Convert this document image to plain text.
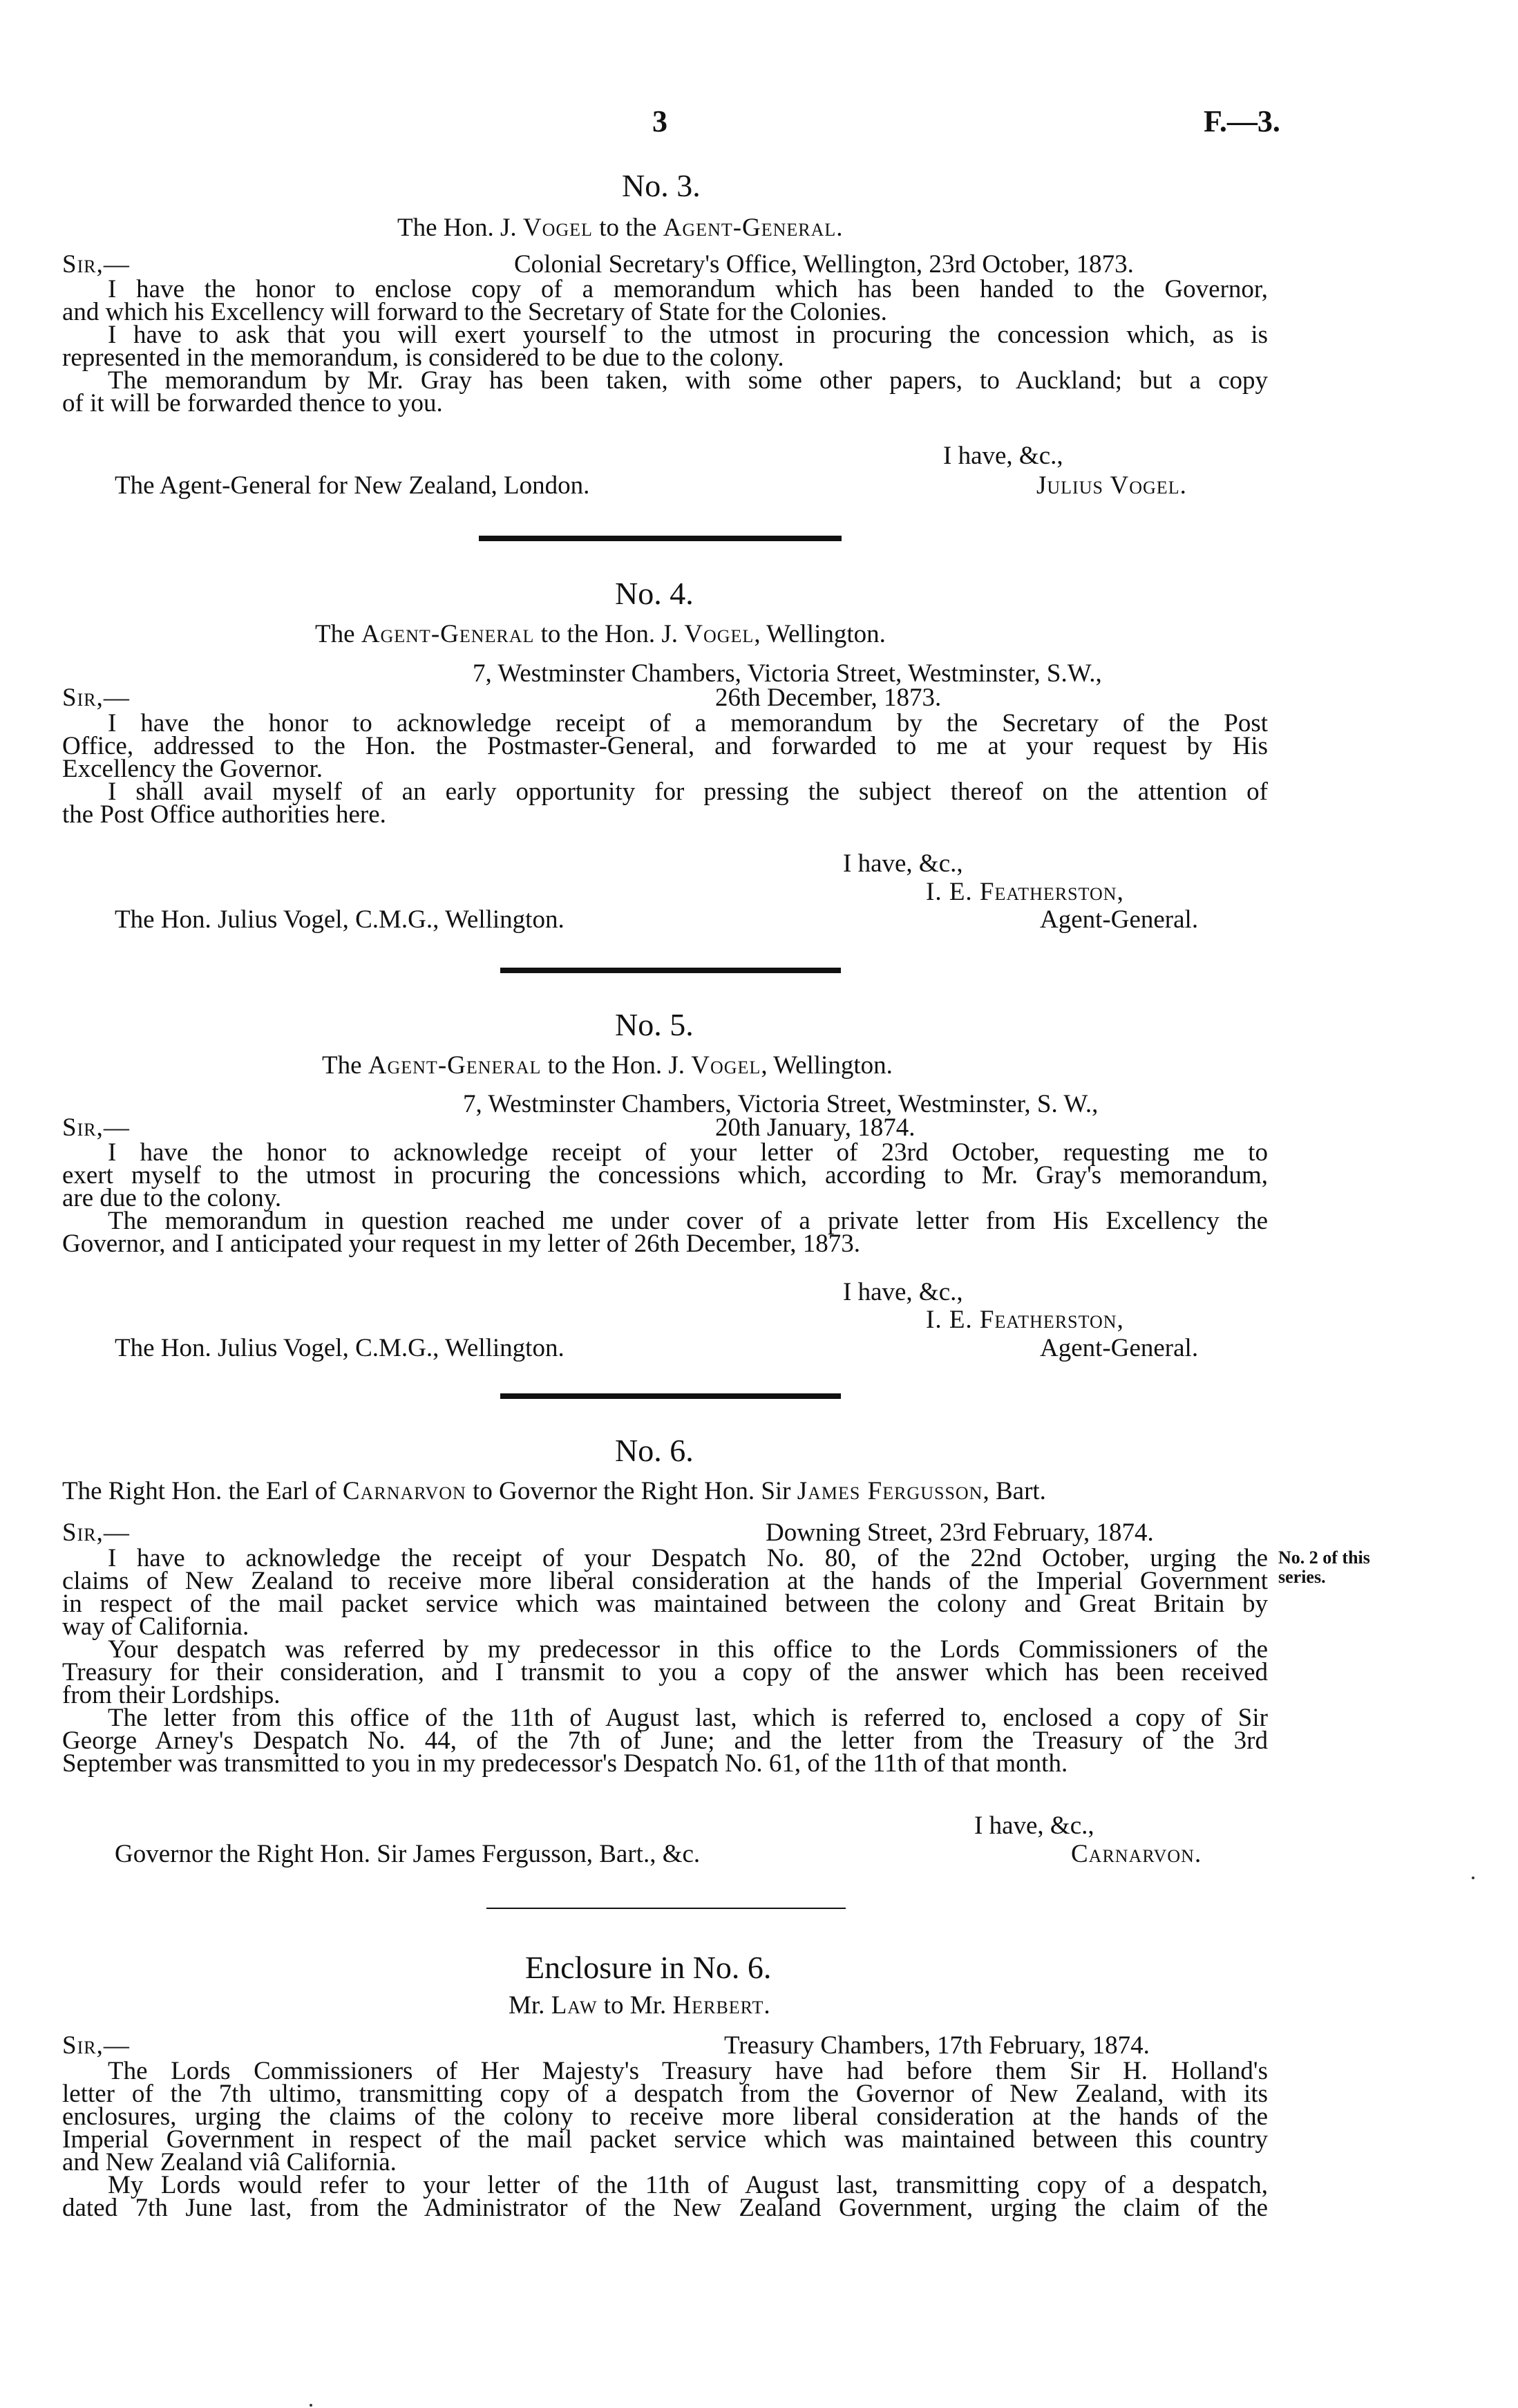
3	F.—3.
No. 3.
The Hon. J. Vogel to the Agent-General.
Sir,—	Colonial Secretary's Office, Wellington, 23rd October, 1873.
I have the honor to enclose copy of a memorandum which has been handed to the Governor,
and which his Excellency will forward to the Secretary of State for the Colonies.
I have to ask that you will exert yourself to the utmost in procuring the concession which, as is
represented in the memorandum, is considered to be due to the colony.
The memorandum by Mr. Gray has been taken, with some other papers, to Auckland; but a copy
of it will be forwarded thence to you.
I have, &c.,
The Agent-General for New Zealand, London.	Julius Vogel.
No. 4.
The Agent-General to the Hon. J. Vogel, Wellington.
7, Westminster Chambers, Victoria Street, Westminster, S.W.,
Sir,—	26th December, 1873.
I have the honor to acknowledge receipt of a memorandum by the Secretary of the Post
Office, addressed to the Hon. the Postmaster-General, and forwarded to me at your request by His
Excellency the Governor.
I shall avail myself of an early opportunity for pressing the subject thereof on the attention of
the Post Office authorities here.
I have, &c.,
I. E. Featherston,
The Hon. Julius Vogel, C.M.G., Wellington.	Agent-General.
No. 5.
The Agent-General to the Hon. J. Vogel, Wellington.
7, Westminster Chambers, Victoria Street, Westminster, S. W.,
Sir,—	20th January, 1874.
I have the honor to acknowledge receipt of your letter of 23rd October, requesting me to
exert myself to the utmost in procuring the concessions which, according to Mr. Gray's memorandum,
are due to the colony.
The memorandum in question reached me under cover of a private letter from His Excellency the
Governor, and I anticipated your request in my letter of 26th December, 1873.
I have, &c.,
I. E. Featherston,
The Hon. Julius Vogel, C.M.G., Wellington.	Agent-General.
No. 6.
The Right Hon. the Earl of Carnarvon to Governor the Right Hon. Sir James Fergusson, Bart.
Sir,—	Downing Street, 23rd February, 1874.
I have to acknowledge the receipt of your Despatch No. 80, of the 22nd October, urging the
claims of New Zealand to receive more liberal consideration at the hands of the Imperial Government
in respect of the mail packet service which was maintained between the colony and Great Britain by
way of California.
Your despatch was referred by my predecessor in this office to the Lords Commissioners of the
Treasury for their consideration, and I transmit to you a copy of the answer which has been received
from their Lordships.
The letter from this office of the 11th of August last, which is referred to, enclosed a copy of Sir
George Arney's Despatch No. 44, of the 7th of June; and the letter from the Treasury of the 3rd
September was transmitted to you in my predecessor's Despatch No. 61, of the 11th of that month.
No. 2 of this
series.
I have, &c.,
Governor the Right Hon. Sir James Fergusson, Bart., &c.	Carnarvon.
Enclosure in No. 6.
Mr. Law to Mr. Herbert.
Sir,—	Treasury Chambers, 17th February, 1874.
The Lords Commissioners of Her Majesty's Treasury have had before them Sir H. Holland's
letter of the 7th ultimo, transmitting copy of a despatch from the Governor of New Zealand, with its
enclosures, urging the claims of the colony to receive more liberal consideration at the hands of the
Imperial Government in respect of the mail packet service which was maintained between this country
and New Zealand viâ California.
My Lords would refer to your letter of the 11th of August last, transmitting copy of a despatch,
dated 7th June last, from the Administrator of the New Zealand Government, urging the claim of the
